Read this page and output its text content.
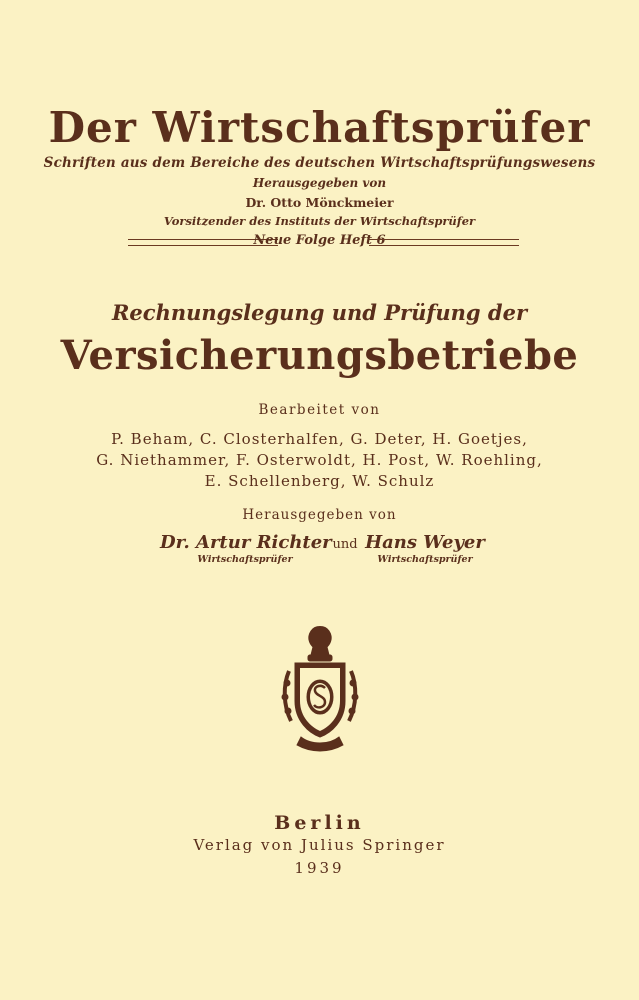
Der Wirtschaftsprüfer
Schriften aus dem Bereiche des deutschen Wirtschaftsprüfungswesens
Herausgegeben von
Dr. Otto Mönckmeier
Vorsitzender des Instituts der Wirtschaftsprüfer
Neue Folge Heft 6
Rechnungslegung und Prüfung der
Versicherungsbetriebe
Bearbeitet von
P. Beham, C. Closterhalfen, G. Deter, H. Goetjes,
G. Niethammer, F. Osterwoldt, H. Post, W. Roehling,
E. Schellenberg, W. Schulz
Herausgegeben von
Dr. Artur Richter
Wirtschaftsprüfer
und Hans Weyer
Wirtschaftsprüfer
Berlin
Verlag von Julius Springer
1939
